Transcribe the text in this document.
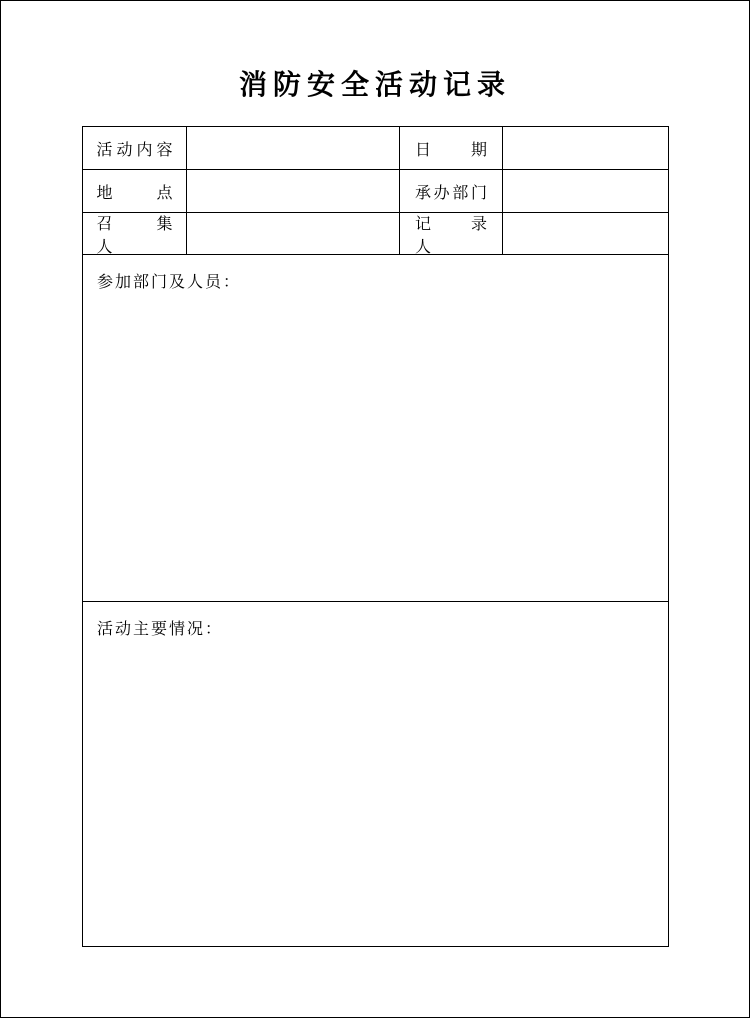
消防安全活动记录
活动内容	日　　期
地　　点	承办部门
召　集　人
记　录　人
参加部门及人员：
活动主要情况：
